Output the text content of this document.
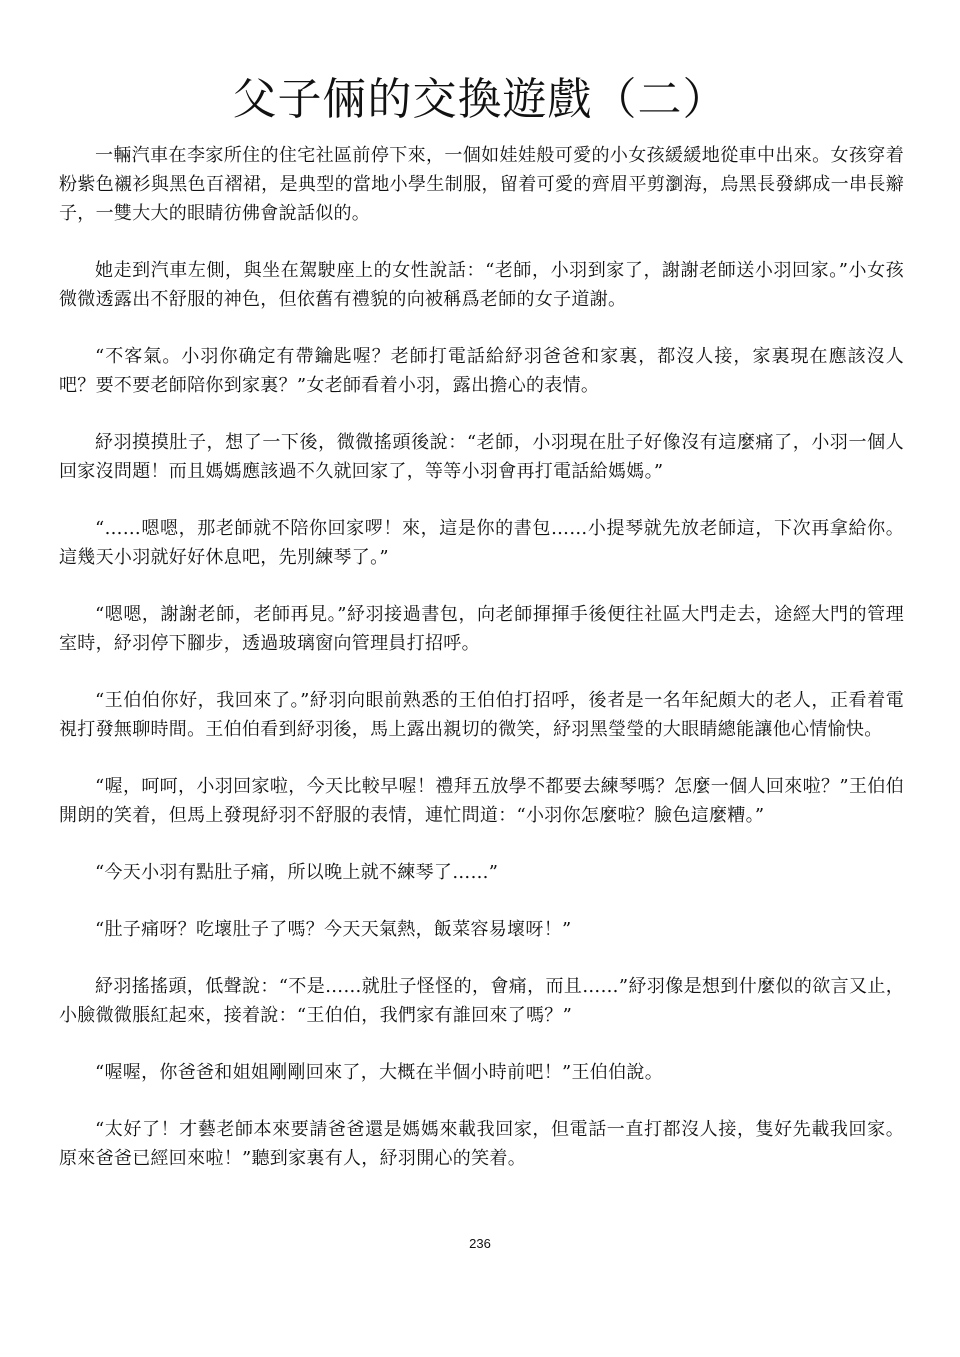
父子倆的交換遊戲（二）

一輛汽車在李家所住的住宅社區前停下來，一個如娃娃般可愛的小女孩緩緩地從車中出來。女孩穿着粉紫色襯衫與黑色百褶裙，是典型的當地小學生制服，留着可愛的齊眉平剪瀏海，烏黑長發綁成一串長辮子，一雙大大的眼睛彷佛會說話似的。

她走到汽車左側，與坐在駕駛座上的女性說話：“老師，小羽到家了，謝謝老師送小羽回家。”小女孩微微透露出不舒服的神色，但依舊有禮貌的向被稱爲老師的女子道謝。

“不客氣。小羽你确定有帶鑰匙喔？老師打電話給紓羽爸爸和家裏，都沒人接，家裏現在應該沒人吧？要不要老師陪你到家裏？”女老師看着小羽，露出擔心的表情。

紓羽摸摸肚子，想了一下後，微微搖頭後說：“老師，小羽現在肚子好像沒有這麼痛了，小羽一個人回家沒問題！而且媽媽應該過不久就回家了，等等小羽會再打電話給媽媽。”

“……嗯嗯，那老師就不陪你回家啰！來，這是你的書包……小提琴就先放老師這，下次再拿給你。這幾天小羽就好好休息吧，先別練琴了。”

“嗯嗯，謝謝老師，老師再見。”紓羽接過書包，向老師揮揮手後便往社區大門走去，途經大門的管理室時，紓羽停下腳步，透過玻璃窗向管理員打招呼。

“王伯伯你好，我回來了。”紓羽向眼前熟悉的王伯伯打招呼，後者是一名年紀頗大的老人，正看着電視打發無聊時間。王伯伯看到紓羽後，馬上露出親切的微笑，紓羽黑瑩瑩的大眼睛總能讓他心情愉快。

“喔，呵呵，小羽回家啦，今天比較早喔！禮拜五放學不都要去練琴嗎？怎麼一個人回來啦？”王伯伯開朗的笑着，但馬上發現紓羽不舒服的表情，連忙問道：“小羽你怎麼啦？臉色這麼糟。”

“今天小羽有點肚子痛，所以晚上就不練琴了……”

“肚子痛呀？吃壞肚子了嗎？今天天氣熱，飯菜容易壞呀！”

紓羽搖搖頭，低聲說：“不是……就肚子怪怪的，會痛，而且……”紓羽像是想到什麼似的欲言又止，小臉微微脹紅起來，接着說：“王伯伯，我們家有誰回來了嗎？”

“喔喔，你爸爸和姐姐剛剛回來了，大概在半個小時前吧！”王伯伯說。

“太好了！才藝老師本來要請爸爸還是媽媽來載我回家，但電話一直打都沒人接，隻好先載我回家。原來爸爸已經回來啦！”聽到家裏有人，紓羽開心的笑着。

236
